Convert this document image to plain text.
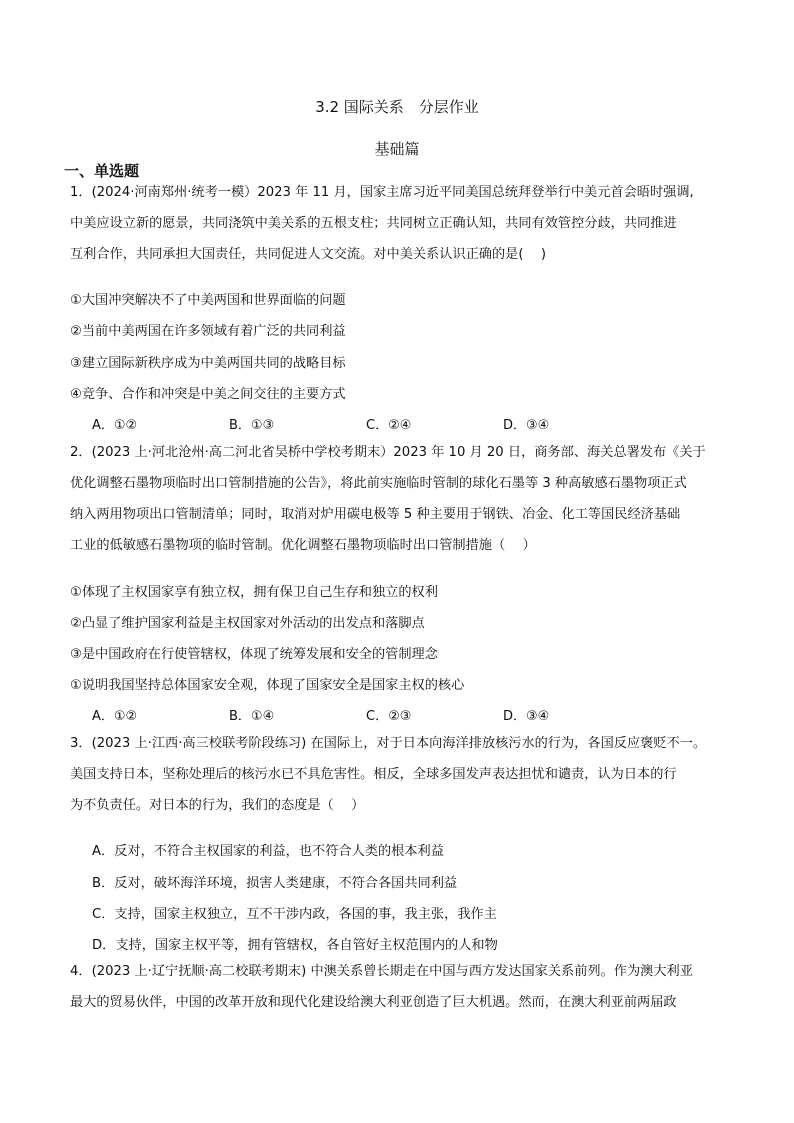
3.2 国际关系　分层作业
基础篇
一、单选题
1．(2024·河南郑州·统考一模）2023 年 11 月，国家主席习近平同美国总统拜登举行中美元首会晤时强调,
中美应设立新的愿景，共同浇筑中美关系的五根支柱；共同树立正确认知，共同有效管控分歧，共同推进
互利合作，共同承担大国责任，共同促进人文交流。对中美关系认识正确的是(　 )
①大国冲突解决不了中美两国和世界面临的问题
②当前中美两国在许多领域有着广泛的共同利益
③建立国际新秩序成为中美两国共同的战略目标
④竞争、合作和冲突是中美之间交往的主要方式
A．①②	B．①③	C．②④	D．③④
2．(2023 上·河北沧州·高二河北省吴桥中学校考期末）2023 年 10 月 20 日，商务部、海关总署发布《关于
优化调整石墨物项临时出口管制措施的公告》，将此前实施临时管制的球化石墨等 3 种高敏感石墨物项正式
纳入两用物项出口管制清单；同时，取消对炉用碳电极等 5 种主要用于钢铁、冶金、化工等国民经济基础
工业的低敏感石墨物项的临时管制。优化调整石墨物项临时出口管制措施（　 ）
①体现了主权国家享有独立权，拥有保卫自己生存和独立的权利
②凸显了维护国家利益是主权国家对外活动的出发点和落脚点
③是中国政府在行使管辖权，体现了统筹发展和安全的管制理念
①说明我国坚持总体国家安全观，体现了国家安全是国家主权的核心
A．①②	B．①④	C．②③	D．③④
3．(2023 上·江西·高三校联考阶段练习) 在国际上，对于日本向海洋排放核污水的行为，各国反应褒贬不一。
美国支持日本，坚称处理后的核污水已不具危害性。相反，全球多国发声表达担忧和谴责，认为日本的行
为不负责任。对日本的行为，我们的态度是（　 ）
A．反对，不符合主权国家的利益，也不符合人类的根本利益
B．反对，破坏海洋环境，损害人类建康，不符合各国共同利益
C．支持，国家主权独立，互不干涉内政，各国的事，我主张，我作主
D．支持，国家主权平等，拥有管辖权，各自管好主权范围内的人和物
4．(2023 上·辽宁抚顺·高二校联考期末) 中澳关系曾长期走在中国与西方发达国家关系前列。作为澳大利亚
最大的贸易伙伴，中国的改革开放和现代化建设给澳大利亚创造了巨大机遇。然而，在澳大利亚前两届政
